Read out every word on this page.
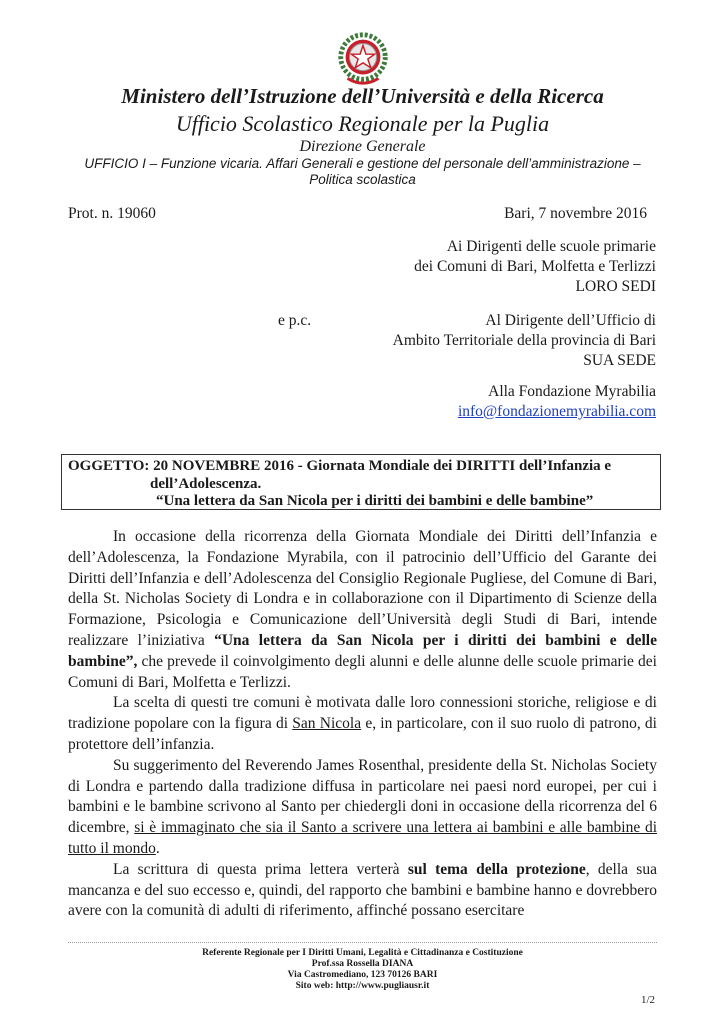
Ministero dell’Istruzione dell’Università e della Ricerca
Ufficio Scolastico Regionale per la Puglia
Direzione Generale
UFFICIO I – Funzione vicaria. Affari Generali e gestione del personale dell’amministrazione –
Politica scolastica
Prot. n. 19060	Bari, 7 novembre 2016
Ai Dirigenti delle scuole primarie
dei Comuni di Bari, Molfetta e Terlizzi
LORO SEDI
e p.c.	Al Dirigente dell’Ufficio di
Ambito Territoriale della provincia di Bari
SUA SEDE
Alla Fondazione Myrabilia
info@fondazionemyrabilia.com
OGGETTO: 20 NOVEMBRE 2016 - Giornata Mondiale dei DIRITTI dell’Infanzia e
dell’Adolescenza.
“Una lettera da San Nicola per i diritti dei bambini e delle bambine”

In occasione della ricorrenza della Giornata Mondiale dei Diritti dell’Infanzia e dell’Adolescenza, la Fondazione Myrabila, con il patrocinio dell’Ufficio del Garante dei Diritti dell’Infanzia e dell’Adolescenza del Consiglio Regionale Pugliese, del Comune di Bari, della St. Nicholas Society di Londra e in collaborazione con il Dipartimento di Scienze della Formazione, Psicologia e Comunicazione dell’Università degli Studi di Bari, intende realizzare l’iniziativa “Una lettera da San Nicola per i diritti dei bambini e delle bambine”, che prevede il coinvolgimento degli alunni e delle alunne delle scuole primarie dei Comuni di Bari, Molfetta e Terlizzi.

La scelta di questi tre comuni è motivata dalle loro connessioni storiche, religiose e di tradizione popolare con la figura di San Nicola e, in particolare, con il suo ruolo di patrono, di protettore dell’infanzia.

Su suggerimento del Reverendo James Rosenthal, presidente della St. Nicholas Society di Londra e partendo dalla tradizione diffusa in particolare nei paesi nord europei, per cui i bambini e le bambine scrivono al Santo per chiedergli doni in occasione della ricorrenza del 6 dicembre, si è immaginato che sia il Santo a scrivere una lettera ai bambini e alle bambine di tutto il mondo.

La scrittura di questa prima lettera verterà sul tema della protezione, della sua mancanza e del suo eccesso e, quindi, del rapporto che bambini e bambine hanno e dovrebbero avere con la comunità di adulti di riferimento, affinché possano esercitare

Referente Regionale per I Diritti Umani, Legalità e Cittadinanza e Costituzione
Prof.ssa Rossella DIANA
Via Castromediano, 123 70126 BARI
Sito web: http://www.pugliausr.it
1/2
